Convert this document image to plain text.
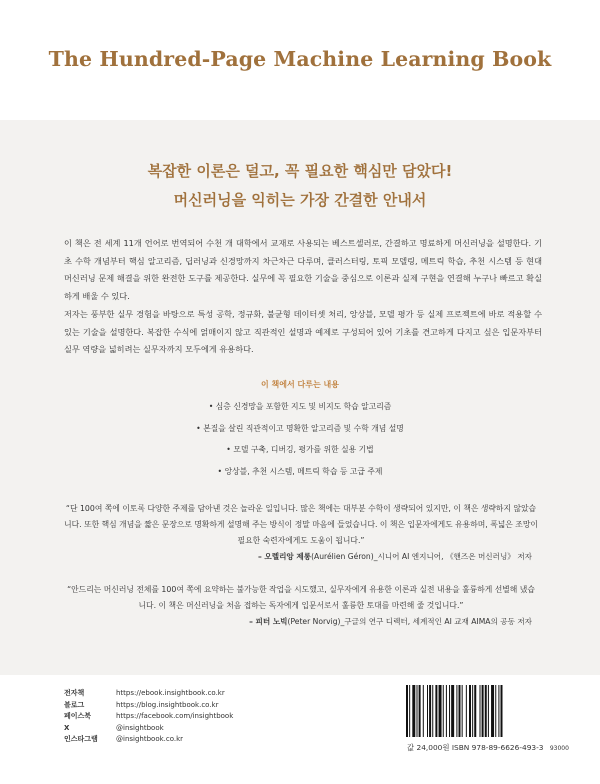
The Hundred-Page Machine Learning Book
복잡한 이론은 덜고, 꼭 필요한 핵심만 담았다!
머신러닝을 익히는 가장 간결한 안내서
이 책은 전 세계 11개 언어로 번역되어 수천 개 대학에서 교재로 사용되는 베스트셀러로, 간결하고 명료하게 머신러닝을 설명한다. 기초 수학 개념부터 핵심 알고리즘, 딥러닝과 신경망까지 차근차근 다루며, 클러스터링, 토픽 모델링, 메트릭 학습, 추천 시스템 등 현대 머신러닝 문제 해결을 위한 완전한 도구를 제공한다. 실무에 꼭 필요한 기술을 중심으로 이론과 실제 구현을 연결해 누구나 빠르고 확실하게 배울 수 있다.
저자는 풍부한 실무 경험을 바탕으로 특성 공학, 정규화, 불균형 데이터셋 처리, 앙상블, 모델 평가 등 실제 프로젝트에 바로 적용할 수 있는 기술을 설명한다. 복잡한 수식에 얽매이지 않고 직관적인 설명과 예제로 구성되어 있어 기초를 견고하게 다지고 싶은 입문자부터 실무 역량을 넓히려는 실무자까지 모두에게 유용하다.
이 책에서 다루는 내용
• 심층 신경망을 포함한 지도 및 비지도 학습 알고리즘
• 본질을 살린 직관적이고 명확한 알고리즘 및 수학 개념 설명
• 모델 구축, 디버깅, 평가를 위한 실용 기법
• 앙상블, 추천 시스템, 메트릭 학습 등 고급 주제
“단 100여 쪽에 이토록 다양한 주제를 담아낸 것은 놀라운 일입니다. 많은 책에는 대부분 수학이 생략되어 있지만, 이 책은 생략하지 않았습니다. 또한 핵심 개념을 짧은 문장으로 명확하게 설명해 주는 방식이 정말 마음에 들었습니다. 이 책은 입문자에게도 유용하며, 폭넓은 조망이 필요한 숙련자에게도 도움이 됩니다.”
– 오렐리앙 제롱(Aurélien Géron)_시니어 AI 엔지니어, 《핸즈온 머신러닝》 저자
“안드리는 머신러닝 전체를 100여 쪽에 요약하는 불가능한 작업을 시도했고, 실무자에게 유용한 이론과 실전 내용을 훌륭하게 선별해 냈습니다. 이 책은 머신러닝을 처음 접하는 독자에게 입문서로서 훌륭한 토대를 마련해 줄 것입니다.”
– 피터 노빅(Peter Norvig)_구글의 연구 디렉터, 세계적인 AI 교재 AIMA의 공동 저자
전자책	https://ebook.insightbook.co.kr
블로그	https://blog.insightbook.co.kr
페이스북	https://facebook.com/insightbook
X	@insightbook
인스타그램	@insightbook.co.kr
값 24,000원 ISBN 978-89-6626-493-3 93000
